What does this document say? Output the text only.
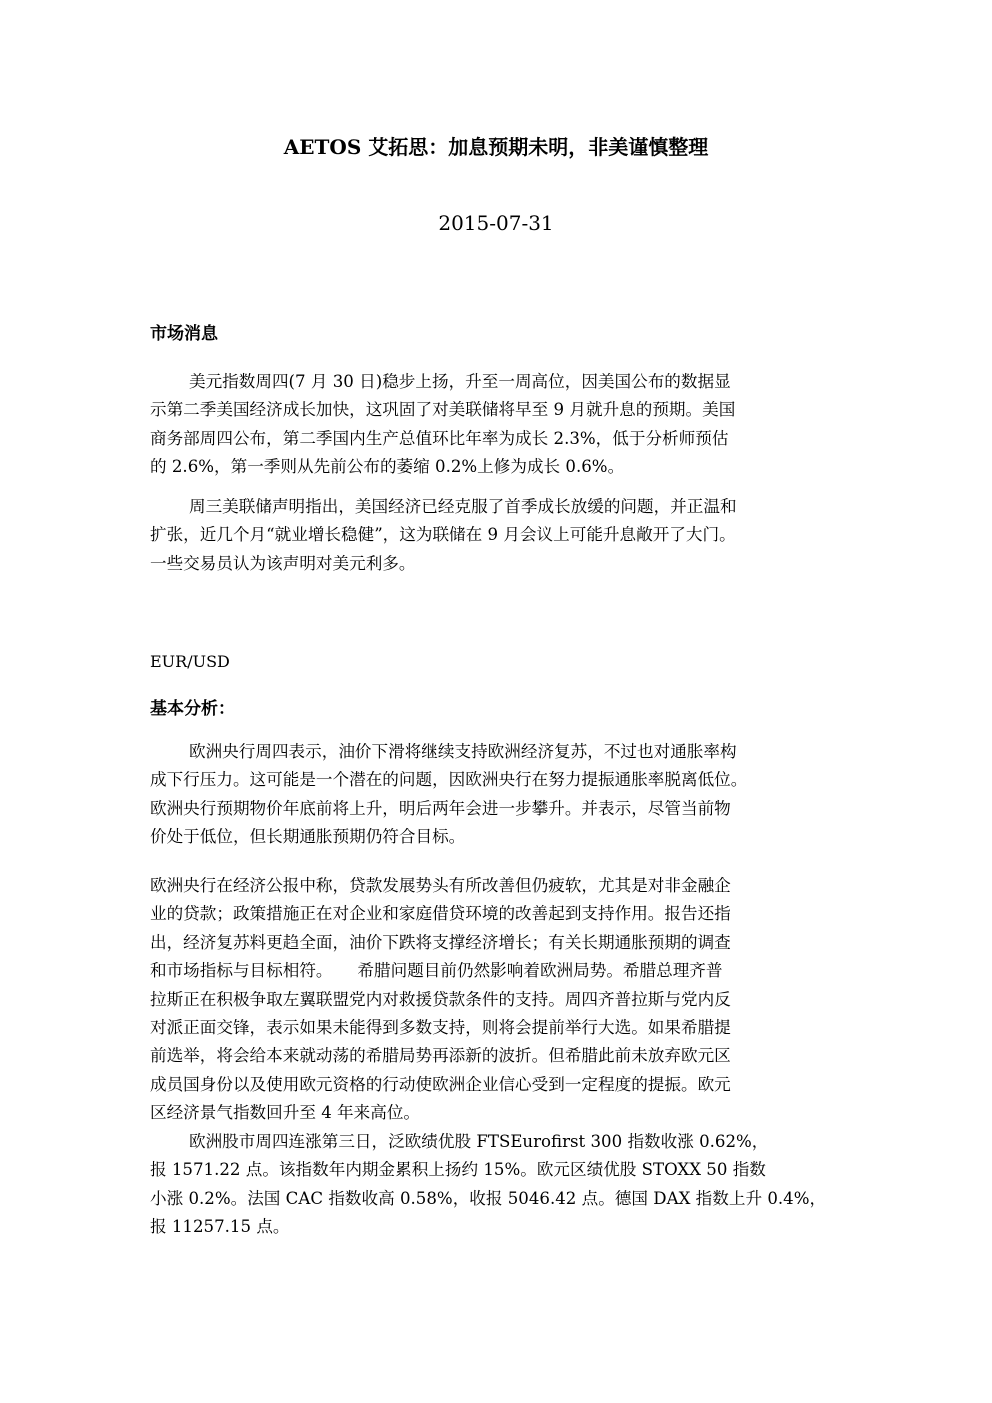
AETOS 艾拓思：加息预期未明，非美谨慎整理
2015-07-31
市场消息
美元指数周四(7 月 30 日)稳步上扬，升至一周高位，因美国公布的数据显
示第二季美国经济成长加快，这巩固了对美联储将早至 9 月就升息的预期。美国
商务部周四公布，第二季国内生产总值环比年率为成长 2.3%，低于分析师预估
的 2.6%，第一季则从先前公布的萎缩 0.2%上修为成长 0.6%。
周三美联储声明指出，美国经济已经克服了首季成长放缓的问题，并正温和
扩张，近几个月“就业增长稳健”，这为联储在 9 月会议上可能升息敞开了大门。
一些交易员认为该声明对美元利多。
EUR/USD
基本分析：
欧洲央行周四表示，油价下滑将继续支持欧洲经济复苏，不过也对通胀率构
成下行压力。这可能是一个潜在的问题，因欧洲央行在努力提振通胀率脱离低位。
欧洲央行预期物价年底前将上升，明后两年会进一步攀升。并表示，尽管当前物
价处于低位，但长期通胀预期仍符合目标。
欧洲央行在经济公报中称，贷款发展势头有所改善但仍疲软，尤其是对非金融企
业的贷款；政策措施正在对企业和家庭借贷环境的改善起到支持作用。报告还指
出，经济复苏料更趋全面，油价下跌将支撑经济增长；有关长期通胀预期的调查
和市场指标与目标相符。　　希腊问题目前仍然影响着欧洲局势。希腊总理齐普
拉斯正在积极争取左翼联盟党内对救援贷款条件的支持。周四齐普拉斯与党内反
对派正面交锋，表示如果未能得到多数支持，则将会提前举行大选。如果希腊提
前选举，将会给本来就动荡的希腊局势再添新的波折。但希腊此前未放弃欧元区
成员国身份以及使用欧元资格的行动使欧洲企业信心受到一定程度的提振。欧元
区经济景气指数回升至 4 年来高位。
欧洲股市周四连涨第三日，泛欧绩优股 FTSEurofirst 300 指数收涨 0.62%，
报 1571.22 点。该指数年内期金累积上扬约 15%。欧元区绩优股 STOXX 50 指数
小涨 0.2%。法国 CAC 指数收高 0.58%，收报 5046.42 点。德国 DAX 指数上升 0.4%，
报 11257.15 点。
